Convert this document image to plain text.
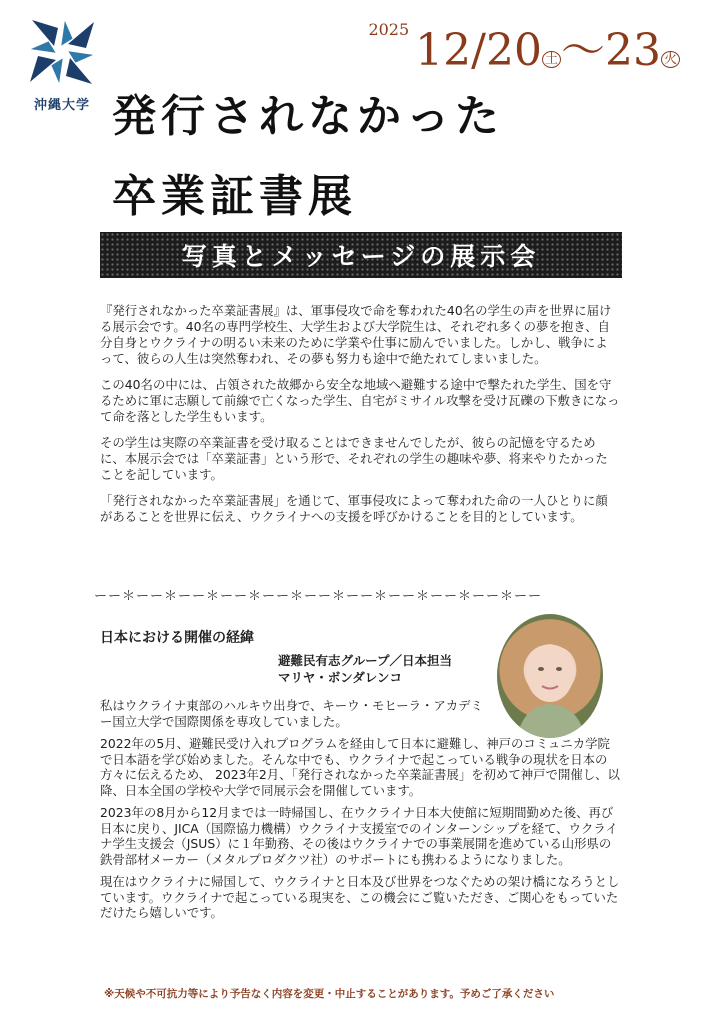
沖縄大学
2025 12/20 土〜23 火
発行されなかった
卒業証書展
写真とメッセージの展示会

『発行されなかった卒業証書展』は、軍事侵攻で命を奪われた40名の学生の声を世界に届ける展示会です。40名の専門学校生、大学生および大学院生は、それぞれ多くの夢を抱き、自分自身とウクライナの明るい未来のために学業や仕事に励んでいました。しかし、戦争によって、彼らの人生は突然奪われ、その夢も努力も途中で絶たれてしまいました。

この40名の中には、占領された故郷から安全な地域へ避難する途中で撃たれた学生、国を守るために軍に志願して前線で亡くなった学生、自宅がミサイル攻撃を受け瓦礫の下敷きになって命を落とした学生もいます。

その学生は実際の卒業証書を受け取ることはできませんでしたが、彼らの記憶を守るために、本展示会では「卒業証書」という形で、それぞれの学生の趣味や夢、将来やりたかったことを記しています。

「発行されなかった卒業証書展」を通じて、軍事侵攻によって奪われた命の一人ひとりに顔があることを世界に伝え、ウクライナへの支援を呼びかけることを目的としています。

ーー＊ーー＊ーー＊ーー＊ーー＊ーー＊ーー＊ーー＊ーー＊ーー＊ーー
日本における開催の経緯
避難民有志グループ／日本担当
マリヤ・ボンダレンコ

私はウクライナ東部のハルキウ出身で、キーウ・モヒーラ・アカデミー国立大学で国際関係を専攻していました。

2022年の5月、避難民受け入れプログラムを経由して日本に避難し、神戸のコミュニカ学院で日本語を学び始めました。そんな中でも、ウクライナで起こっている戦争の現状を日本の方々に伝えるため、 2023年2月、「発行されなかった卒業証書展」を初めて神戸で開催し、以降、日本全国の学校や大学で同展示会を開催しています。

2023年の8月から12月までは一時帰国し、在ウクライナ日本大使館に短期間勤めた後、再び日本に戻り、JICA（国際協力機構）ウクライナ支援室でのインターンシップを経て、ウクライナ学生支援会（JSUS）に１年勤務、その後はウクライナでの事業展開を進めている山形県の鉄骨部材メーカー（メタルプロダクツ社）のサポートにも携わるようになりました。

現在はウクライナに帰国して、ウクライナと日本及び世界をつなぐための架け橋になろうとしています。ウクライナで起こっている現実を、この機会にご覧いただき、ご関心をもっていただけたら嬉しいです。

※天候や不可抗力等により予告なく内容を変更・中止することがあります。予めご了承ください
